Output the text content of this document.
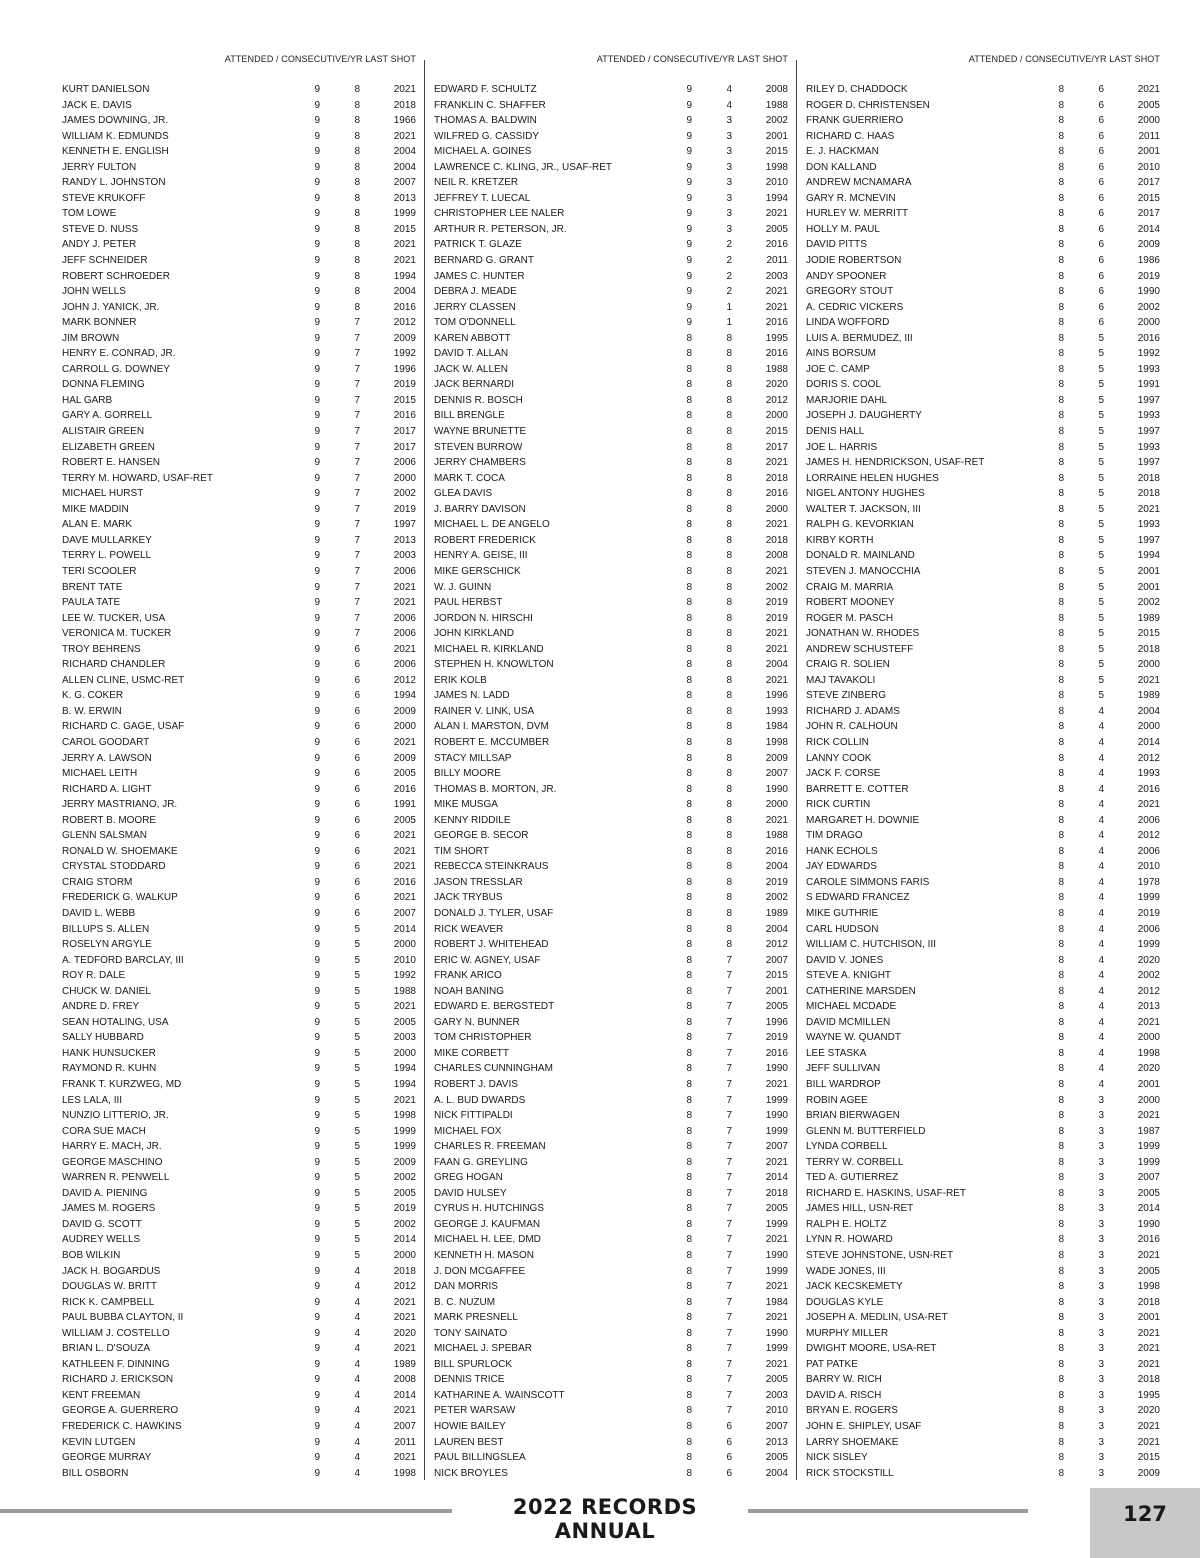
ATTENDED / CONSECUTIVE/YR LAST SHOT
KURT DANIELSON	9	8	2021
JACK E. DAVIS	9	8	2018
JAMES DOWNING, JR.	9	8	1966
WILLIAM K. EDMUNDS	9	8	2021
KENNETH E. ENGLISH	9	8	2004
JERRY FULTON	9	8	2004
RANDY L. JOHNSTON	9	8	2007
STEVE KRUKOFF	9	8	2013
TOM LOWE	9	8	1999
STEVE D. NUSS	9	8	2015
ANDY J. PETER	9	8	2021
JEFF SCHNEIDER	9	8	2021
ROBERT SCHROEDER	9	8	1994
JOHN WELLS	9	8	2004
JOHN J. YANICK, JR.	9	8	2016
MARK BONNER	9	7	2012
JIM BROWN	9	7	2009
HENRY E. CONRAD, JR.	9	7	1992
CARROLL G. DOWNEY	9	7	1996
DONNA FLEMING	9	7	2019
HAL GARB	9	7	2015
GARY A. GORRELL	9	7	2016
ALISTAIR GREEN	9	7	2017
ELIZABETH GREEN	9	7	2017
ROBERT E. HANSEN	9	7	2006
TERRY M. HOWARD, USAF-RET	9	7	2000
MICHAEL HURST	9	7	2002
MIKE MADDIN	9	7	2019
ALAN E. MARK	9	7	1997
DAVE MULLARKEY	9	7	2013
TERRY L. POWELL	9	7	2003
TERI SCOOLER	9	7	2006
BRENT TATE	9	7	2021
PAULA TATE	9	7	2021
LEE W. TUCKER, USA	9	7	2006
VERONICA M. TUCKER	9	7	2006
TROY BEHRENS	9	6	2021
RICHARD CHANDLER	9	6	2006
ALLEN CLINE, USMC-RET	9	6	2012
K. G. COKER	9	6	1994
B. W. ERWIN	9	6	2009
RICHARD C. GAGE, USAF	9	6	2000
CAROL GOODART	9	6	2021
JERRY A. LAWSON	9	6	2009
MICHAEL LEITH	9	6	2005
RICHARD A. LIGHT	9	6	2016
JERRY MASTRIANO, JR.	9	6	1991
ROBERT B. MOORE	9	6	2005
GLENN SALSMAN	9	6	2021
RONALD W. SHOEMAKE	9	6	2021
CRYSTAL STODDARD	9	6	2021
CRAIG STORM	9	6	2016
FREDERICK G. WALKUP	9	6	2021
DAVID L. WEBB	9	6	2007
BILLUPS S. ALLEN	9	5	2014
ROSELYN ARGYLE	9	5	2000
A. TEDFORD BARCLAY, III	9	5	2010
ROY R. DALE	9	5	1992
CHUCK W. DANIEL	9	5	1988
ANDRE D. FREY	9	5	2021
SEAN HOTALING, USA	9	5	2005
SALLY HUBBARD	9	5	2003
HANK HUNSUCKER	9	5	2000
RAYMOND R. KUHN	9	5	1994
FRANK T. KURZWEG, MD	9	5	1994
LES LALA, III	9	5	2021
NUNZIO LITTERIO, JR.	9	5	1998
CORA SUE MACH	9	5	1999
HARRY E. MACH, JR.	9	5	1999
GEORGE MASCHINO	9	5	2009
WARREN R. PENWELL	9	5	2002
DAVID A. PIENING	9	5	2005
JAMES M. ROGERS	9	5	2019
DAVID G. SCOTT	9	5	2002
AUDREY WELLS	9	5	2014
BOB WILKIN	9	5	2000
JACK H. BOGARDUS	9	4	2018
DOUGLAS W. BRITT	9	4	2012
RICK K. CAMPBELL	9	4	2021
PAUL BUBBA CLAYTON, II	9	4	2021
WILLIAM J. COSTELLO	9	4	2020
BRIAN L. D'SOUZA	9	4	2021
KATHLEEN F. DINNING	9	4	1989
RICHARD J. ERICKSON	9	4	2008
KENT FREEMAN	9	4	2014
GEORGE A. GUERRERO	9	4	2021
FREDERICK C. HAWKINS	9	4	2007
KEVIN LUTGEN	9	4	2011
GEORGE MURRAY	9	4	2021
BILL OSBORN	9	4	1998
ATTENDED / CONSECUTIVE/YR LAST SHOT
EDWARD F. SCHULTZ	9	4	2008
FRANKLIN C. SHAFFER	9	4	1988
THOMAS A. BALDWIN	9	3	2002
WILFRED G. CASSIDY	9	3	2001
MICHAEL A. GOINES	9	3	2015
LAWRENCE C. KLING, JR., USAF-RET	9	3	1998
NEIL R. KRETZER	9	3	2010
JEFFREY T. LUECAL	9	3	1994
CHRISTOPHER LEE NALER	9	3	2021
ARTHUR R. PETERSON, JR.	9	3	2005
PATRICK T. GLAZE	9	2	2016
BERNARD G. GRANT	9	2	2011
JAMES C. HUNTER	9	2	2003
DEBRA J. MEADE	9	2	2021
JERRY CLASSEN	9	1	2021
TOM O'DONNELL	9	1	2016
KAREN ABBOTT	8	8	1995
DAVID T. ALLAN	8	8	2016
JACK W. ALLEN	8	8	1988
JACK BERNARDI	8	8	2020
DENNIS R. BOSCH	8	8	2012
BILL BRENGLE	8	8	2000
WAYNE BRUNETTE	8	8	2015
STEVEN BURROW	8	8	2017
JERRY CHAMBERS	8	8	2021
MARK T. COCA	8	8	2018
GLEA DAVIS	8	8	2016
J. BARRY DAVISON	8	8	2000
MICHAEL L. DE ANGELO	8	8	2021
ROBERT FREDERICK	8	8	2018
HENRY A. GEISE, III	8	8	2008
MIKE GERSCHICK	8	8	2021
W. J. GUINN	8	8	2002
PAUL HERBST	8	8	2019
JORDON N. HIRSCHI	8	8	2019
JOHN KIRKLAND	8	8	2021
MICHAEL R. KIRKLAND	8	8	2021
STEPHEN H. KNOWLTON	8	8	2004
ERIK KOLB	8	8	2021
JAMES N. LADD	8	8	1996
RAINER V. LINK, USA	8	8	1993
ALAN I. MARSTON, DVM	8	8	1984
ROBERT E. MCCUMBER	8	8	1998
STACY MILLSAP	8	8	2009
BILLY MOORE	8	8	2007
THOMAS B. MORTON, JR.	8	8	1990
MIKE MUSGA	8	8	2000
KENNY RIDDILE	8	8	2021
GEORGE B. SECOR	8	8	1988
TIM SHORT	8	8	2016
REBECCA STEINKRAUS	8	8	2004
JASON TRESSLAR	8	8	2019
JACK TRYBUS	8	8	2002
DONALD J. TYLER, USAF	8	8	1989
RICK WEAVER	8	8	2004
ROBERT J. WHITEHEAD	8	8	2012
ERIC W. AGNEY, USAF	8	7	2007
FRANK ARICO	8	7	2015
NOAH BANING	8	7	2001
EDWARD E. BERGSTEDT	8	7	2005
GARY N. BUNNER	8	7	1996
TOM CHRISTOPHER	8	7	2019
MIKE CORBETT	8	7	2016
CHARLES CUNNINGHAM	8	7	1990
ROBERT J. DAVIS	8	7	2021
A. L. BUD DWARDS	8	7	1999
NICK FITTIPALDI	8	7	1990
MICHAEL FOX	8	7	1999
CHARLES R. FREEMAN	8	7	2007
FAAN G. GREYLING	8	7	2021
GREG HOGAN	8	7	2014
DAVID HULSEY	8	7	2018
CYRUS H. HUTCHINGS	8	7	2005
GEORGE J. KAUFMAN	8	7	1999
MICHAEL H. LEE, DMD	8	7	2021
KENNETH H. MASON	8	7	1990
J. DON MCGAFFEE	8	7	1999
DAN MORRIS	8	7	2021
B. C. NUZUM	8	7	1984
MARK PRESNELL	8	7	2021
TONY SAINATO	8	7	1990
MICHAEL J. SPEBAR	8	7	1999
BILL SPURLOCK	8	7	2021
DENNIS TRICE	8	7	2005
KATHARINE A. WAINSCOTT	8	7	2003
PETER WARSAW	8	7	2010
HOWIE BAILEY	8	6	2007
LAUREN BEST	8	6	2013
PAUL BILLINGSLEA	8	6	2005
NICK BROYLES	8	6	2004
ATTENDED / CONSECUTIVE/YR LAST SHOT
RILEY D. CHADDOCK	8	6	2021
ROGER D. CHRISTENSEN	8	6	2005
FRANK GUERRIERO	8	6	2000
RICHARD C. HAAS	8	6	2011
E. J. HACKMAN	8	6	2001
DON KALLAND	8	6	2010
ANDREW MCNAMARA	8	6	2017
GARY R. MCNEVIN	8	6	2015
HURLEY W. MERRITT	8	6	2017
HOLLY M. PAUL	8	6	2014
DAVID PITTS	8	6	2009
JODIE ROBERTSON	8	6	1986
ANDY SPOONER	8	6	2019
GREGORY STOUT	8	6	1990
A. CEDRIC VICKERS	8	6	2002
LINDA WOFFORD	8	6	2000
LUIS A. BERMUDEZ, III	8	5	2016
AINS BORSUM	8	5	1992
JOE C. CAMP	8	5	1993
DORIS S. COOL	8	5	1991
MARJORIE DAHL	8	5	1997
JOSEPH J. DAUGHERTY	8	5	1993
DENIS HALL	8	5	1997
JOE L. HARRIS	8	5	1993
JAMES H. HENDRICKSON, USAF-RET	8	5	1997
LORRAINE HELEN HUGHES	8	5	2018
NIGEL ANTONY HUGHES	8	5	2018
WALTER T. JACKSON, III	8	5	2021
RALPH G. KEVORKIAN	8	5	1993
KIRBY KORTH	8	5	1997
DONALD R. MAINLAND	8	5	1994
STEVEN J. MANOCCHIA	8	5	2001
CRAIG M. MARRIA	8	5	2001
ROBERT MOONEY	8	5	2002
ROGER M. PASCH	8	5	1989
JONATHAN W. RHODES	8	5	2015
ANDREW SCHUSTEFF	8	5	2018
CRAIG R. SOLIEN	8	5	2000
MAJ TAVAKOLI	8	5	2021
STEVE ZINBERG	8	5	1989
RICHARD J. ADAMS	8	4	2004
JOHN R. CALHOUN	8	4	2000
RICK COLLIN	8	4	2014
LANNY COOK	8	4	2012
JACK F. CORSE	8	4	1993
BARRETT E. COTTER	8	4	2016
RICK CURTIN	8	4	2021
MARGARET H. DOWNIE	8	4	2006
TIM DRAGO	8	4	2012
HANK ECHOLS	8	4	2006
JAY EDWARDS	8	4	2010
CAROLE SIMMONS FARIS	8	4	1978
S EDWARD FRANCEZ	8	4	1999
MIKE GUTHRIE	8	4	2019
CARL HUDSON	8	4	2006
WILLIAM C. HUTCHISON, III	8	4	1999
DAVID V. JONES	8	4	2020
STEVE A. KNIGHT	8	4	2002
CATHERINE MARSDEN	8	4	2012
MICHAEL MCDADE	8	4	2013
DAVID MCMILLEN	8	4	2021
WAYNE W. QUANDT	8	4	2000
LEE STASKA	8	4	1998
JEFF SULLIVAN	8	4	2020
BILL WARDROP	8	4	2001
ROBIN AGEE	8	3	2000
BRIAN BIERWAGEN	8	3	2021
GLENN M. BUTTERFIELD	8	3	1987
LYNDA CORBELL	8	3	1999
TERRY W. CORBELL	8	3	1999
TED A. GUTIERREZ	8	3	2007
RICHARD E. HASKINS, USAF-RET	8	3	2005
JAMES HILL, USN-RET	8	3	2014
RALPH E. HOLTZ	8	3	1990
LYNN R. HOWARD	8	3	2016
STEVE JOHNSTONE, USN-RET	8	3	2021
WADE JONES, III	8	3	2005
JACK KECSKEMETY	8	3	1998
DOUGLAS KYLE	8	3	2018
JOSEPH A. MEDLIN, USA-RET	8	3	2001
MURPHY MILLER	8	3	2021
DWIGHT MOORE, USA-RET	8	3	2021
PAT PATKE	8	3	2021
BARRY W. RICH	8	3	2018
DAVID A. RISCH	8	3	1995
BRYAN E. ROGERS	8	3	2020
JOHN E. SHIPLEY, USAF	8	3	2021
LARRY SHOEMAKE	8	3	2021
NICK SISLEY	8	3	2015
RICK STOCKSTILL	8	3	2009
2022 RECORDS ANNUAL
127
